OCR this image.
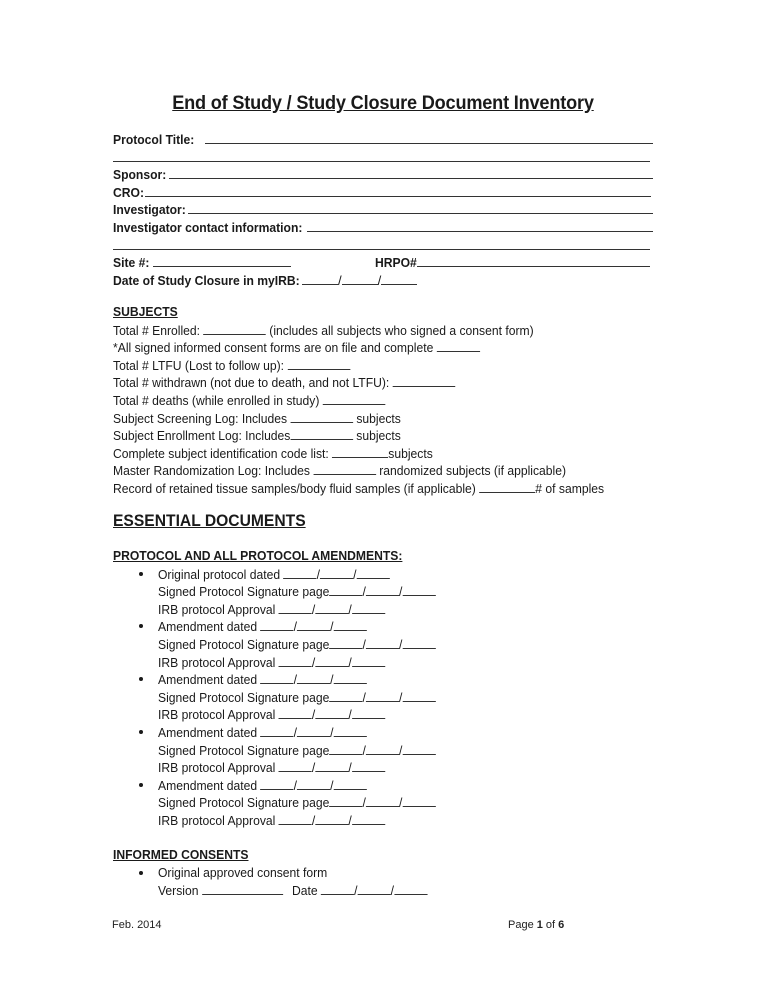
End of Study / Study Closure Document Inventory
Protocol Title:
Sponsor:
CRO:
Investigator:
Investigator contact information:
Site #:	HRPO#
Date of Study Closure in myIRB:	/	/
SUBJECTS
Total # Enrolled:	(includes all subjects who signed a consent form)
*All signed informed consent forms are on file and complete
Total # LTFU (Lost to follow up):
Total # withdrawn (not due to death, and not LTFU):
Total # deaths (while enrolled in study)
Subject Screening Log: Includes	subjects
Subject Enrollment Log: Includes	subjects
Complete subject identification code list:	subjects
Master Randomization Log: Includes	randomized subjects (if applicable)
Record of retained tissue samples/body fluid samples (if applicable)	# of samples
ESSENTIAL DOCUMENTS
PROTOCOL AND ALL PROTOCOL AMENDMENTS:
Original protocol dated	/	/
Signed Protocol Signature page	/	/
IRB protocol Approval	/	/
Amendment dated	/	/
Signed Protocol Signature page	/	/
IRB protocol Approval	/	/
Amendment dated	/	/
Signed Protocol Signature page	/	/
IRB protocol Approval	/	/
Amendment dated	/	/
Signed Protocol Signature page	/	/
IRB protocol Approval	/	/
Amendment dated	/	/
Signed Protocol Signature page	/	/
IRB protocol Approval	/	/
INFORMED CONSENTS
Original approved consent form
Version	Date	/	/
Feb. 2014	Page 1 of 6
